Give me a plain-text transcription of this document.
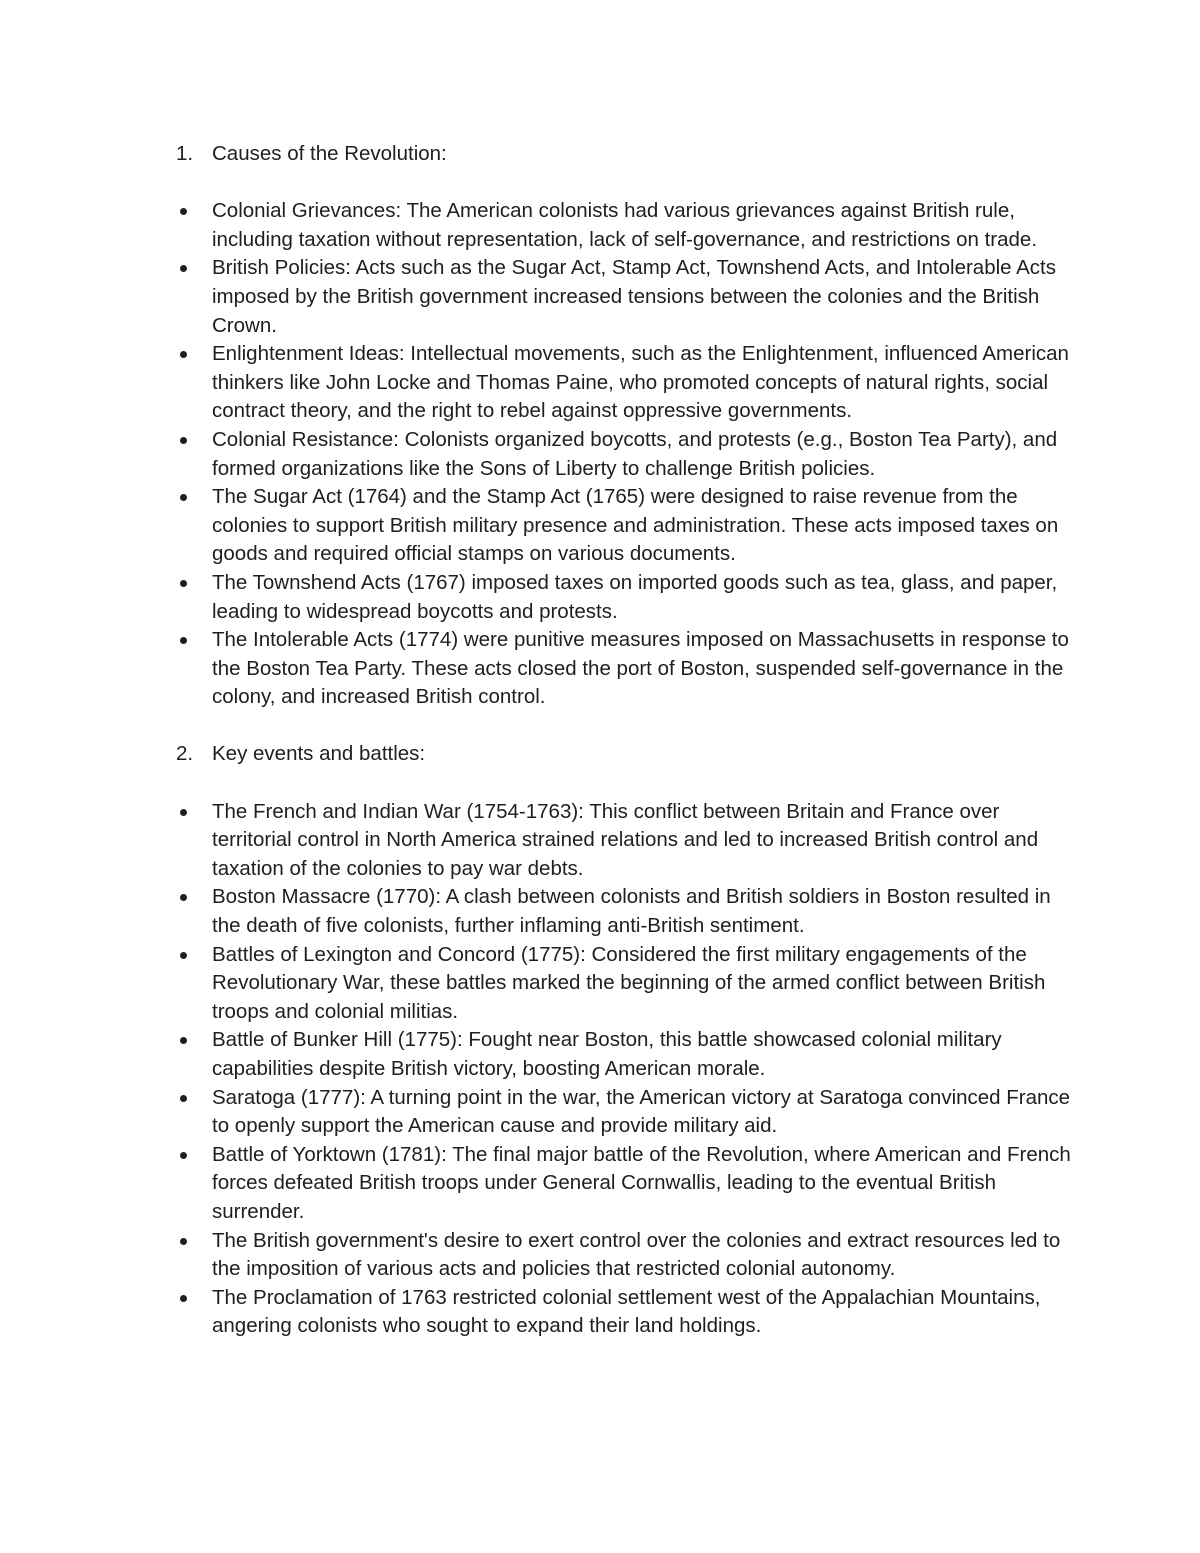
1. Causes of the Revolution:
Colonial Grievances: The American colonists had various grievances against British rule, including taxation without representation, lack of self-governance, and restrictions on trade.
British Policies: Acts such as the Sugar Act, Stamp Act, Townshend Acts, and Intolerable Acts imposed by the British government increased tensions between the colonies and the British Crown.
Enlightenment Ideas: Intellectual movements, such as the Enlightenment, influenced American thinkers like John Locke and Thomas Paine, who promoted concepts of natural rights, social contract theory, and the right to rebel against oppressive governments.
Colonial Resistance: Colonists organized boycotts, and protests (e.g., Boston Tea Party), and formed organizations like the Sons of Liberty to challenge British policies.
The Sugar Act (1764) and the Stamp Act (1765) were designed to raise revenue from the colonies to support British military presence and administration. These acts imposed taxes on goods and required official stamps on various documents.
The Townshend Acts (1767) imposed taxes on imported goods such as tea, glass, and paper, leading to widespread boycotts and protests.
The Intolerable Acts (1774) were punitive measures imposed on Massachusetts in response to the Boston Tea Party. These acts closed the port of Boston, suspended self-governance in the colony, and increased British control.
2. Key events and battles:
The French and Indian War (1754-1763): This conflict between Britain and France over territorial control in North America strained relations and led to increased British control and taxation of the colonies to pay war debts.
Boston Massacre (1770): A clash between colonists and British soldiers in Boston resulted in the death of five colonists, further inflaming anti-British sentiment.
Battles of Lexington and Concord (1775): Considered the first military engagements of the Revolutionary War, these battles marked the beginning of the armed conflict between British troops and colonial militias.
Battle of Bunker Hill (1775): Fought near Boston, this battle showcased colonial military capabilities despite British victory, boosting American morale.
Saratoga (1777): A turning point in the war, the American victory at Saratoga convinced France to openly support the American cause and provide military aid.
Battle of Yorktown (1781): The final major battle of the Revolution, where American and French forces defeated British troops under General Cornwallis, leading to the eventual British surrender.
The British government's desire to exert control over the colonies and extract resources led to the imposition of various acts and policies that restricted colonial autonomy.
The Proclamation of 1763 restricted colonial settlement west of the Appalachian Mountains, angering colonists who sought to expand their land holdings.
